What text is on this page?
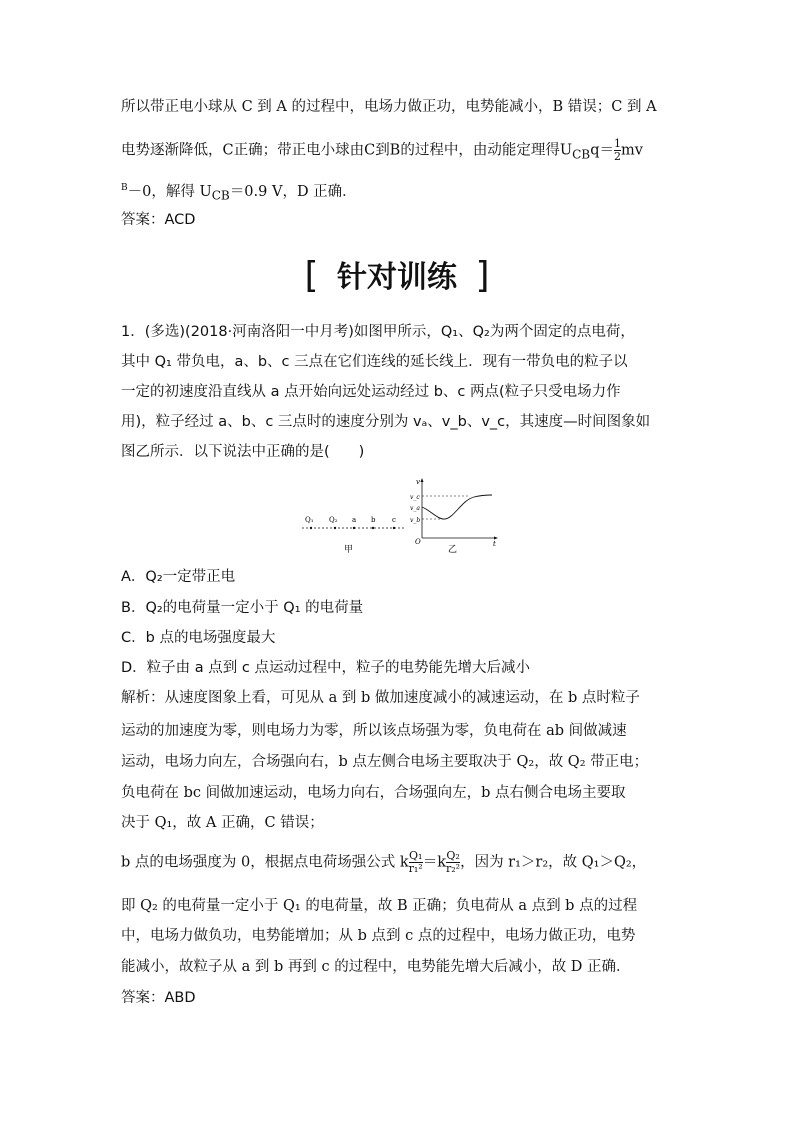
所以带正电小球从 C 到 A 的过程中，电场力做正功，电势能减小，B 错误；C 到 A
电势逐渐降低，C正确；带正电小球由C到B的过程中，由动能定理得$U_{CB}q= \frac{1}{2}$ mv
$^B$－0，解得 $U_{CB}=0.9$ V，D 正确．
答案：ACD
[ 针对训练 ]
1．(多选)(2018·河南洛阳一中月考)如图甲所示，Q₁、Q₂为两个固定的点电荷，
其中 Q₁ 带负电，a、b、c 三点在它们连线的延长线上．现有一带负电的粒子以
一定的初速度沿直线从 a 点开始向远处运动经过 b、c 两点(粒子只受电场力作
用)，粒子经过 a、b、c 三点时的速度分别为 vₐ、v_b、v_c，其速度—时间图象如
图乙所示．以下说法中正确的是(　　)
Q₁ Q₂ a b c
甲
v
t
O
v_c
v_a
v_b
乙
A．Q₂一定带正电
B．Q₂的电荷量一定小于 Q₁ 的电荷量
C．b 点的电场强度最大
D．粒子由 a 点到 c 点运动过程中，粒子的电势能先增大后减小
解析：从速度图象上看，可见从 a 到 b 做加速度减小的减速运动，在 b 点时粒子
运动的加速度为零，则电场力为零，所以该点场强为零，负电荷在 ab 间做减速
运动，电场力向左，合场强向右，b 点左侧合电场主要取决于 Q₂，故 Q₂ 带正电；
负电荷在 bc 间做加速运动，电场力向右，合场强向左，b 点右侧合电场主要取
决于 Q₁，故 A 正确，C 错误；
b 点的电场强度为 0，根据点电荷场强公式 k $\frac{\text{Q₁}}{\text{r₁²}} =k \frac{\text{Q₂}}{\text{r₂²}}$ ，因为 r₁＞r₂，故 Q₁＞Q₂，
即 Q₂ 的电荷量一定小于 Q₁ 的电荷量，故 B 正确；负电荷从 a 点到 b 点的过程
中，电场力做负功，电势能增加；从 b 点到 c 点的过程中，电场力做正功，电势
能减小，故粒子从 a 到 b 再到 c 的过程中，电势能先增大后减小，故 D 正确．
答案：ABD
